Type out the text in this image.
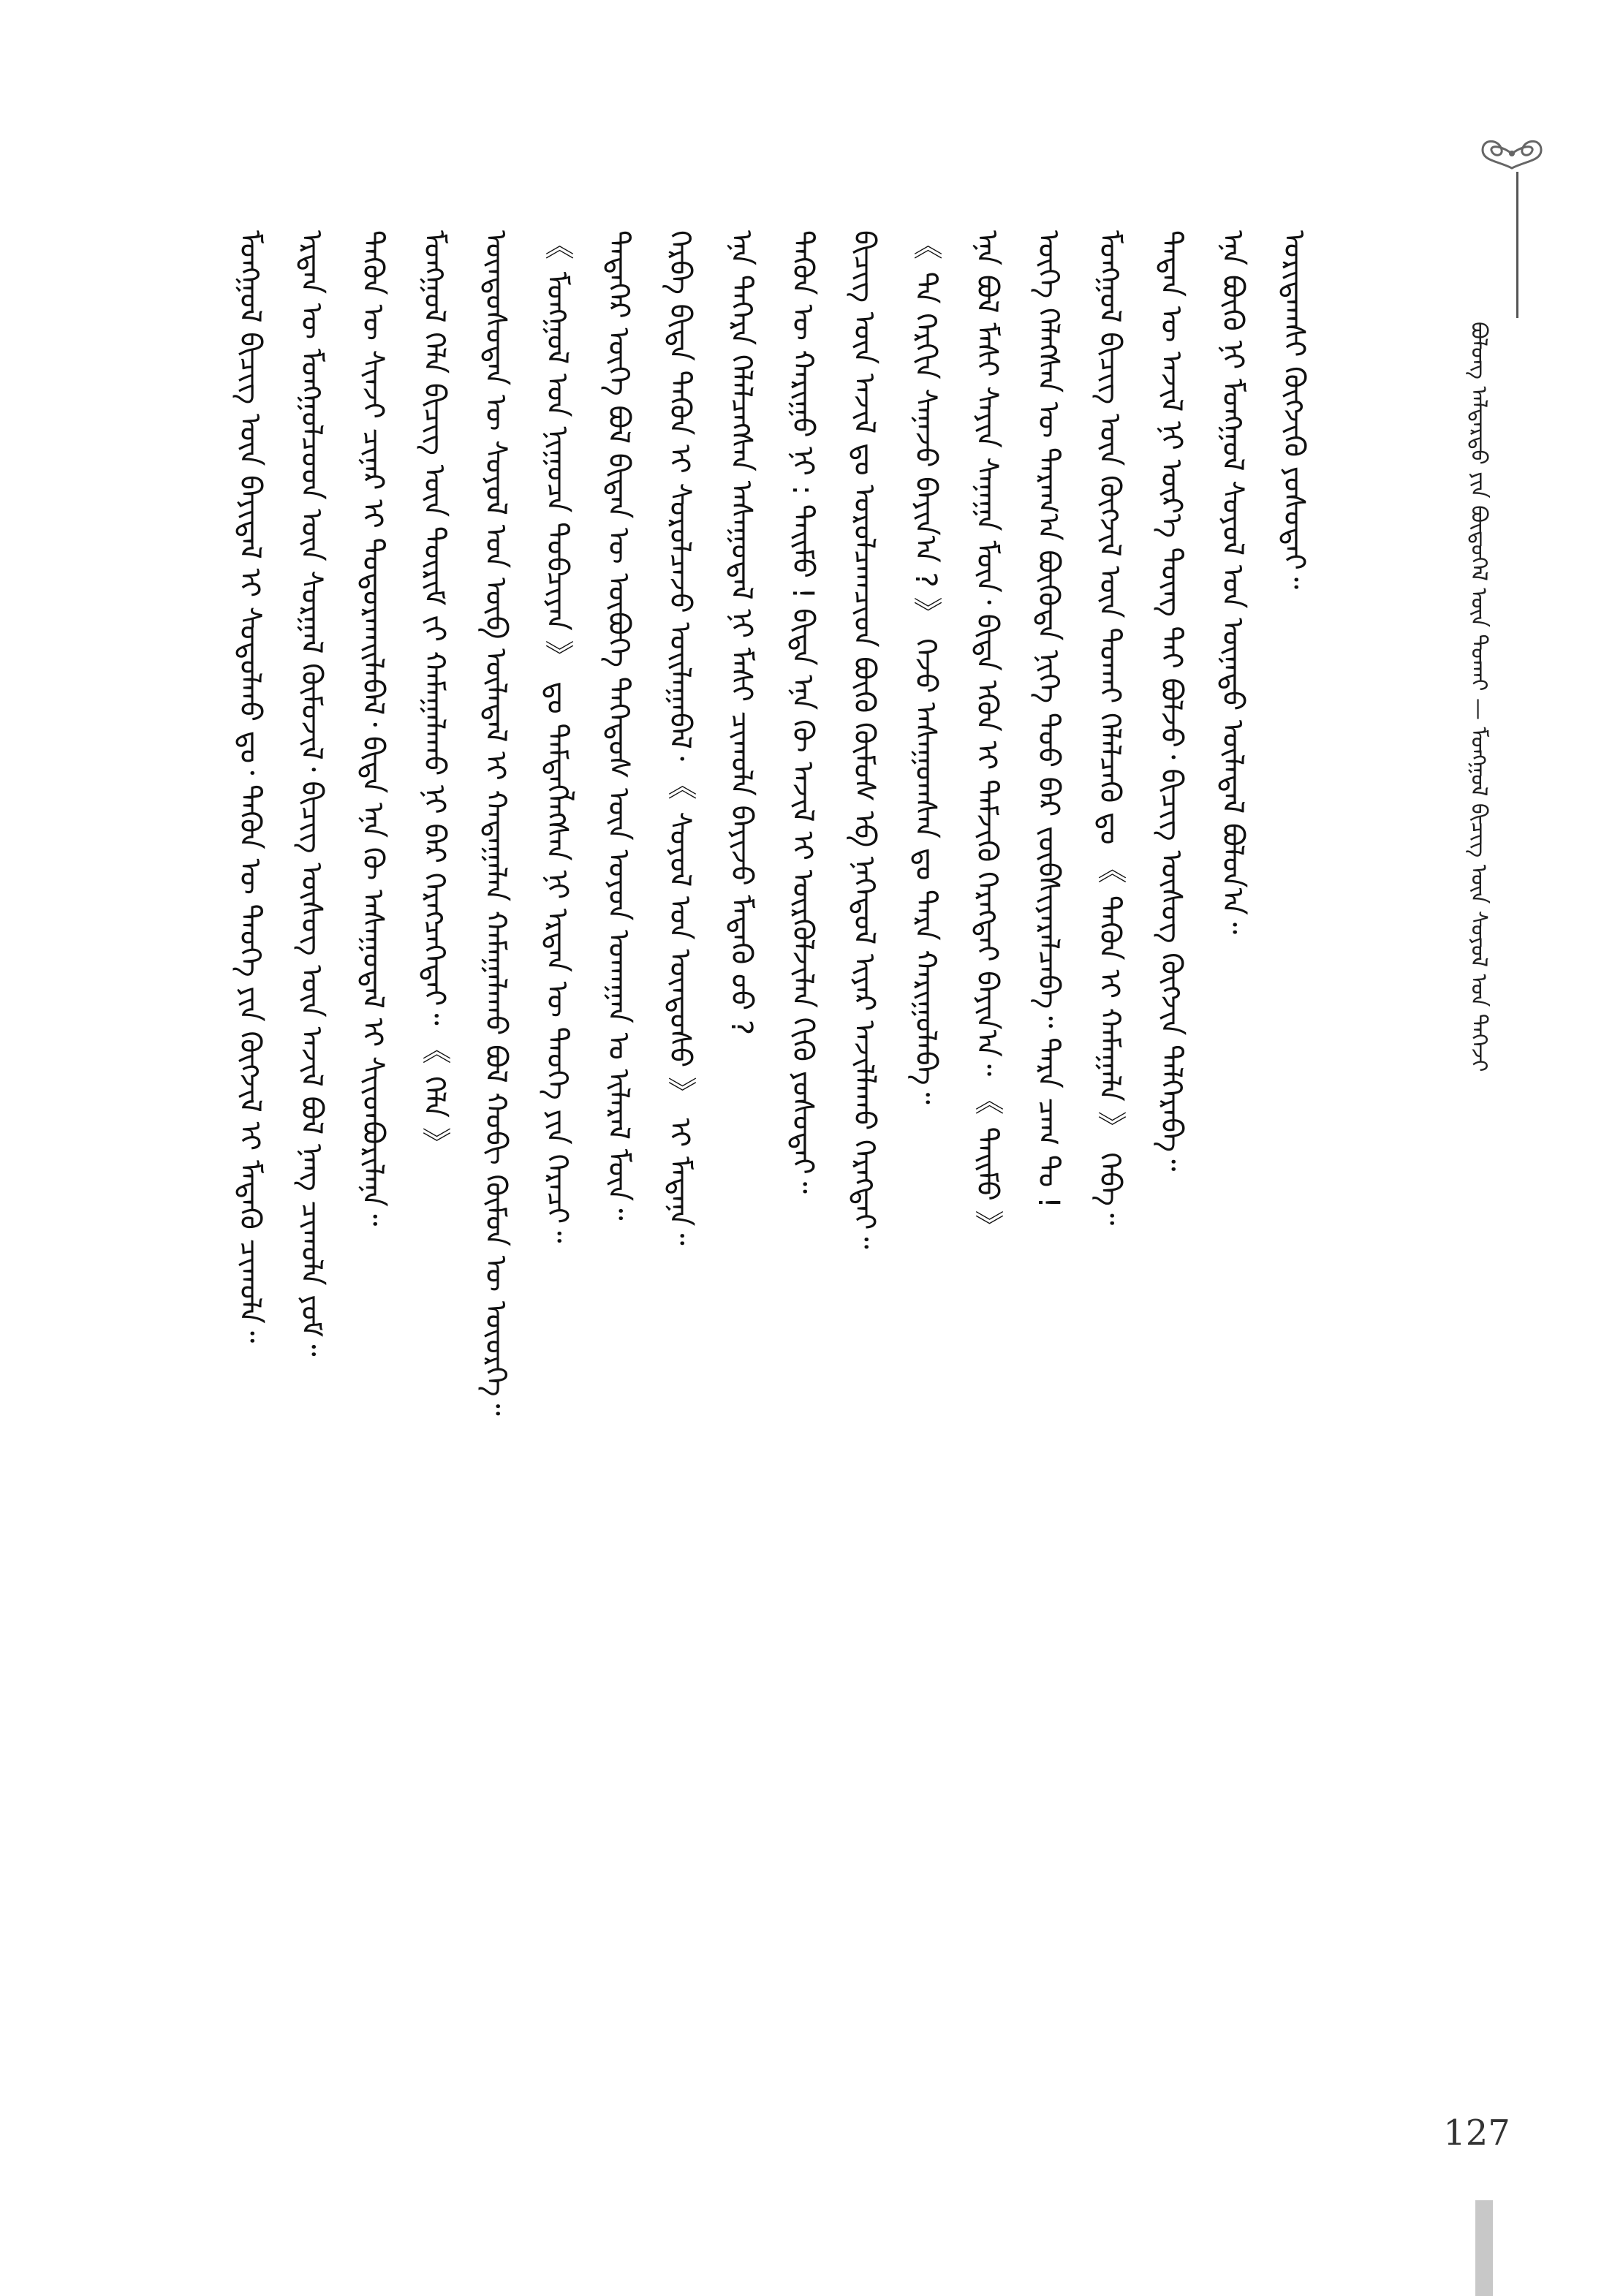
ᠪᠣᠯᠣᠩ ᠠᠯᠳᠠᠷᠲᠤ ᠶᠢᠨ ᠪᠦᠲᠦᠭᠡᠯ ᠦᠨ ᠲᠤᠬᠠᠢ — ᠮᠣᠩᠭᠣᠯ ᠪᠢᠴᠢᠭ ᠦᠨ ᠰᠣᠶᠣᠯ ᠤᠨ ᠳᠡᠭᠡᠵᠢ
ᠮᠣᠩᠭᠣᠯ ᠪᠢᠴᠢᠭ ᠦᠨ ᠪᠠᠶᠢᠳᠠᠯ ᠢ ᠰᠤᠳᠤᠯᠬᠤ ᠳᠤ᠂ ᠲᠡᠭᠦᠨ ᠦ ᠲᠡᠦᠬᠡ ᠶᠢᠨ ᠬᠥᠭᠵᠢᠯ ᠢ ᠮᠡᠳᠡᠬᠦ ᠴᠢᠬᠤᠯᠠ᠃ ᠡᠷᠲᠡᠨ ᠦ ᠮᠣᠩᠭᠣᠯᠴᠤᠳ ᠦᠨ ᠰᠤᠷᠭᠠᠯ ᠬᠦᠮᠦᠵᠢᠯ᠂ ᠪᠢᠴᠢᠭ ᠦᠰᠦᠭ ᠦᠨ ᠠᠵᠢᠯ ᠪᠣᠯ ᠨᠡᠩ ᠴᠢᠬᠤᠯᠠ ᠶᠤᠮ᠃ ᠲᠡᠭᠦᠨ ᠦ ᠰᠢᠨᠵᠢ ᠴᠢᠨᠠᠷ ᠢ ᠲᠣᠳᠤᠷᠬᠠᠢᠯᠠᠪᠠᠯ᠂ ᠪᠢᠳᠡ ᠡᠨᠡ ᠬᠦ ᠠᠰᠠᠭᠤᠳᠠᠯ ᠢ ᠰᠢᠢᠳᠪᠦᠷᠢᠯᠡᠨᠡ᠃ ᠮᠣᠩᠭᠣᠯ ᠬᠡᠯᠡ ᠪᠢᠴᠢᠭ ᠦᠨ ᠳᠦᠷᠢᠮ ᠵᠢ ᠬᠠᠮᠠᠭᠠᠯᠠᠬᠤ ᠨᠢ ᠪᠠᠷ ᠬᠡᠷᠡᠭᠴᠡᠭᠡᠲᠡᠢ᠃ 《 ᠬᠡᠯᠡ 》 ᠦᠨᠳᠦᠰᠦᠲᠡᠨ ᠦ ᠰᠣᠶᠣᠯ ᠤᠨ ᠦᠪ ᠦᠯᠡᠳᠡᠯ ᠢ ᠬᠠᠳᠠᠭᠠᠯᠠᠨ ᠬᠠᠮᠠᠭᠠᠯᠠᠬᠤ ᠪᠣᠯ ᠬᠤᠪᠢ ᠬᠦᠮᠦᠨ ᠦ ᠦᠦᠷᠭᠡ᠃ 《 ᠮᠣᠩᠭᠣᠯ ᠤᠨ ᠨᠢᠭᠤᠴᠠ ᠲᠣᠪᠴᠢᠶᠠᠨ 》 ᠳᠤ ᠲᠡᠮᠳᠡᠭᠯᠡᠭᠰᠡᠨ ᠨᠢ ᠡᠷᠲᠡᠨ ᠦ ᠲᠡᠦᠬᠡ ᠶᠢᠨ ᠭᠡᠷᠡᠴᠢ᠃ ᠲᠡᠳᠡᠭᠡᠷ ᠦᠭᠡ ᠪᠣᠯ ᠪᠢᠳᠡᠨ ᠦ ᠥᠪᠦᠭᠡ ᠳᠡᠭᠡᠳᠦᠰ ᠦᠨ ᠣᠶᠤᠨ ᠤᠬᠠᠭᠠᠨ ᠤ ᠢᠯᠡᠷᠡᠯ ᠮᠥᠨ᠃ ᠬᠡᠷᠪᠡ ᠪᠢᠳᠡ ᠲᠡᠭᠦᠨ ᠢ ᠰᠤᠷᠤᠯᠴᠠᠵᠤ ᠣᠢᠯᠠᠭᠠᠪᠠᠯ᠂ 《 ᠰᠣᠶᠣᠯ ᠤᠨ ᠦᠨᠳᠦᠰᠦ 》 ᠢ ᠮᠡᠳᠡᠨᠡ᠃ ᠡᠨᠡ ᠳᠡᠭᠡᠷᠡ ᠬᠡᠯᠡᠯᠴᠡᠭᠰᠡᠨ ᠠᠰᠠᠭᠤᠳᠠᠯ ᠨᠢ ᠮᠠᠰᠢ ᠴᠢᠬᠤᠯᠠ ᠪᠠᠶᠢᠵᠤ ᠮᠡᠳᠡᠬᠦ ᠦᠦ ? ᠲᠡᠭᠦᠨ ᠦ ᠬᠠᠷᠢᠭᠤ ᠨᠢ : ᠲᠡᠢᠮᠦ ! ᠪᠢᠳᠡ ᠡᠨᠡ ᠬᠦ ᠠᠵᠢᠯ ᠢ ᠦᠷᠭᠦᠯᠵᠢᠯᠡᠨ ᠬᠢᠬᠦ ᠶᠣᠰᠣᠲᠠᠢ᠃ ᠪᠢᠴᠢᠭ ᠦᠨ ᠠᠵᠢᠯ ᠳᠤ ᠣᠷᠣᠯᠴᠠᠭᠴᠢᠳ ᠪᠦᠬᠦ ᠬᠦᠮᠦᠰ ᠡᠪ ᠨᠡᠭᠡᠳᠦᠯ ᠢᠶᠡᠷ ᠠᠵᠢᠯᠯᠠᠬᠤ ᠬᠡᠷᠡᠭᠲᠡᠢ᠃ 《 ᠲᠠ ᠬᠡᠷᠬᠢᠨ ᠰᠠᠨᠠᠵᠤ ᠪᠠᠶᠢᠨ᠎ᠠ ? 》 ᠭᠡᠵᠦ ᠠᠰᠠᠭᠤᠭᠰᠠᠨ ᠳᠤ ᠲᠡᠷᠡ ᠬᠠᠷᠢᠭᠤᠯᠠᠪᠠ᠃ ᠡᠨᠡ ᠪᠣᠯ ᠮᠠᠰᠢ ᠰᠠᠶᠢᠨ ᠰᠠᠨᠠᠭᠠ ᠮᠥᠨ᠂ ᠪᠢᠳᠡ ᠡᠭᠦᠨ ᠢ ᠳᠡᠮᠵᠢᠬᠦ ᠬᠡᠷᠡᠭᠲᠡᠢ ᠪᠠᠶᠢᠨ᠎ᠠ᠃ 《 ᠲᠡᠢᠮᠦ 》 ᠦᠭᠡ ᠬᠡᠯᠡᠭᠰᠡᠨ ᠦ ᠳᠠᠷᠠᠭ᠎ᠠ ᠪᠦᠬᠦᠳᠡ ᠨᠢᠭᠡ ᠳᠤᠤ ᠪᠡᠷ ᠵᠥᠪᠰᠢᠶᠡᠷᠡᠯᠴᠡᠪᠡ᠃ ᠲᠡᠷᠡ ᠴᠠᠭ ᠲᠤ ! ᠮᠣᠩᠭᠣᠯ ᠪᠢᠴᠢᠭ ᠦᠨ ᠬᠥᠭᠵᠢᠯ ᠦᠨ ᠲᠤᠬᠠᠢ ᠬᠡᠯᠡᠯᠴᠡᠬᠦ ᠳᠤ 《 ᠲᠡᠭᠦᠨ ᠢ ᠬᠠᠮᠠᠭᠠᠯᠠ 》 ᠭᠡᠪᠡ᠃ ᠲᠡᠳᠡᠨ ᠦ ᠠᠵᠢᠯ ᠨᠢ ᠦᠷ᠎ᠡ ᠳᠦᠩ ᠲᠡᠢ ᠪᠣᠯᠵᠤ᠂ ᠪᠢᠴᠢᠭ ᠦᠰᠦᠭ ᠬᠥᠭᠵᠢᠨ ᠳᠡᠯᠭᠡᠷᠡᠪᠡ᠃ ᠡᠨᠡ ᠪᠦᠬᠦ ᠨᠢ ᠮᠣᠩᠭᠣᠯ ᠰᠣᠶᠣᠯ ᠤᠨ ᠦᠨᠡᠲᠦ ᠦᠯᠡᠳᠡᠯ ᠪᠣᠯᠤᠨ᠎ᠠ᠃ ᠤᠷᠢᠳᠠᠭᠰᠢ ᠬᠥᠭᠵᠢᠬᠦ ᠶᠣᠰᠣᠲᠠᠢ᠃
127
